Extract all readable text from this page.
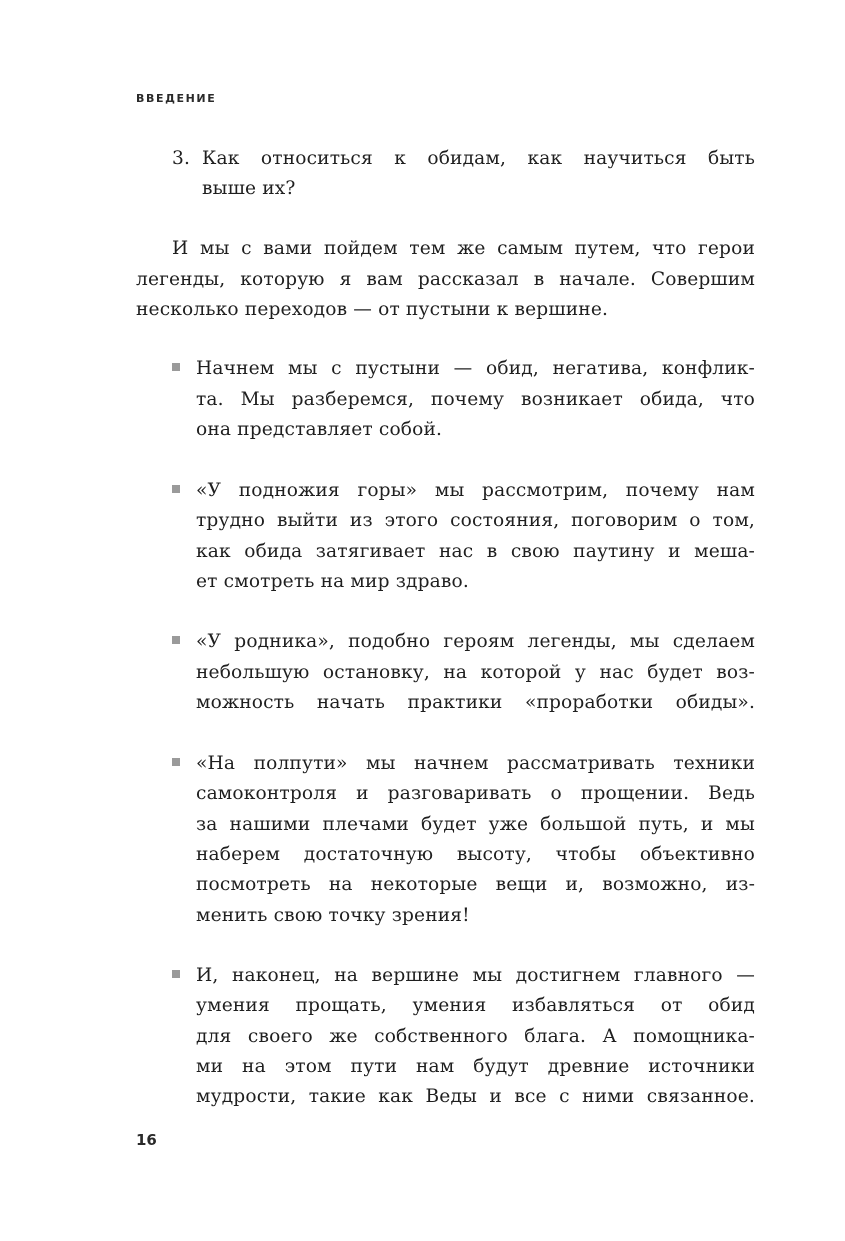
ВВЕДЕНИЕ
3. Как относиться к обидам, как научиться быть
выше их?
И мы с вами пойдем тем же самым путем, что герои
легенды, которую я вам рассказал в начале. Совершим
несколько переходов — от пустыни к вершине.
Начнем мы с пустыни — обид, негатива, конфлик-
та. Мы разберемся, почему возникает обида, что
она представляет собой.
«У подножия горы» мы рассмотрим, почему нам
трудно выйти из этого состояния, поговорим о том,
как обида затягивает нас в свою паутину и меша-
ет смотреть на мир здраво.
«У родника», подобно героям легенды, мы сделаем
небольшую остановку, на которой у нас будет воз-
можность начать практики «проработки обиды».
«На полпути» мы начнем рассматривать техники
самоконтроля и разговаривать о прощении. Ведь
за нашими плечами будет уже большой путь, и мы
наберем достаточную высоту, чтобы объективно
посмотреть на некоторые вещи и, возможно, из-
менить свою точку зрения!
И, наконец, на вершине мы достигнем главного —
умения прощать, умения избавляться от обид
для своего же собственного блага. А помощника-
ми на этом пути нам будут древние источники
мудрости, такие как Веды и все с ними связанное.
16
